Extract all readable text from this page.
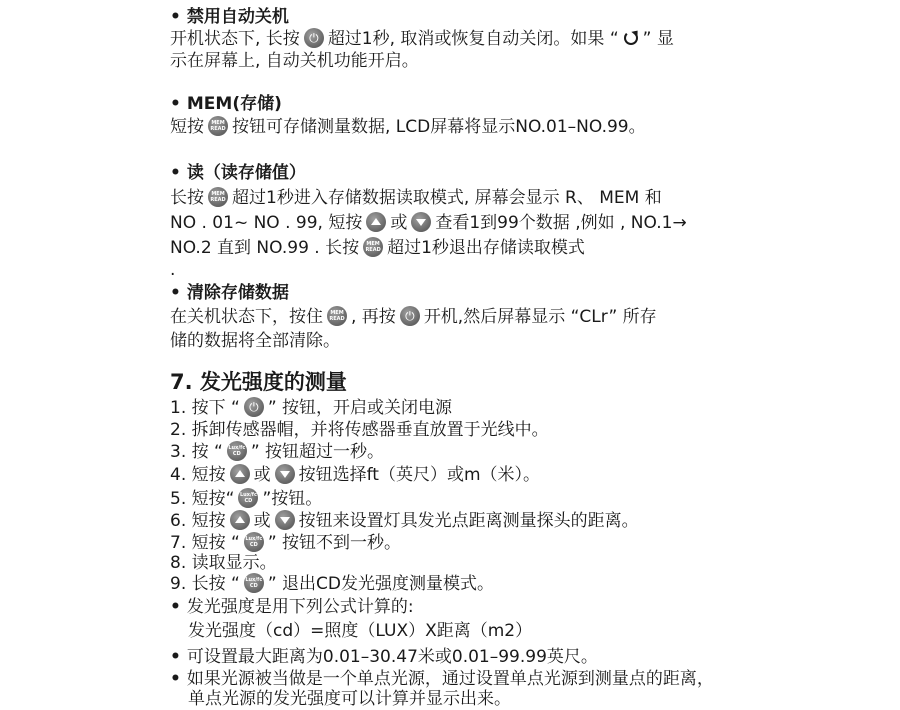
• 禁用自动关机
开机状态下, 长按 ⏻ 超过1秒, 取消或恢复自动关闭。如果 “ ” 显
示在屏幕上, 自动关机功能开启。
• MEM(存储)
短按 MEM READ 按钮可存储测量数据, LCD屏幕将显示NO.01–NO.99。
• 读（读存储值）
长按 MEM READ 超过1秒进入存储数据读取模式, 屏幕会显示 R、 MEM 和
NO . 01~ NO . 99, 短按 或 查看1到99个数据 ,例如 , NO.1→
NO.2 直到 NO.99 . 长按 MEM READ 超过1秒退出存储读取模式
.
• 清除存储数据
在关机状态下，按住 MEM READ , 再按 ⏻ 开机,然后屏幕显示 “CLr” 所存
储的数据将全部清除。
7. 发光强度的测量
1. 按下 “ ⏻ ” 按钮，开启或关闭电源
2. 拆卸传感器帽，并将传感器垂直放置于光线中。
3. 按 “ Lux/fc CD ” 按钮超过一秒。
4. 短按 或 按钮选择ft（英尺）或m（米）。
5. 短按“ Lux/fc CD ”按钮。
6. 短按 或 按钮来设置灯具发光点距离测量探头的距离。
7. 短按 “ Lux/fc CD ” 按钮不到一秒。
8. 读取显示。
9. 长按 “ Lux/fc CD ” 退出CD发光强度测量模式。
• 发光强度是用下列公式计算的:
发光强度（cd）=照度（LUX）X距离（m2）
• 可设置最大距离为0.01–30.47米或0.01–99.99英尺。
• 如果光源被当做是一个单点光源，通过设置单点光源到测量点的距离，
单点光源的发光强度可以计算并显示出来。
